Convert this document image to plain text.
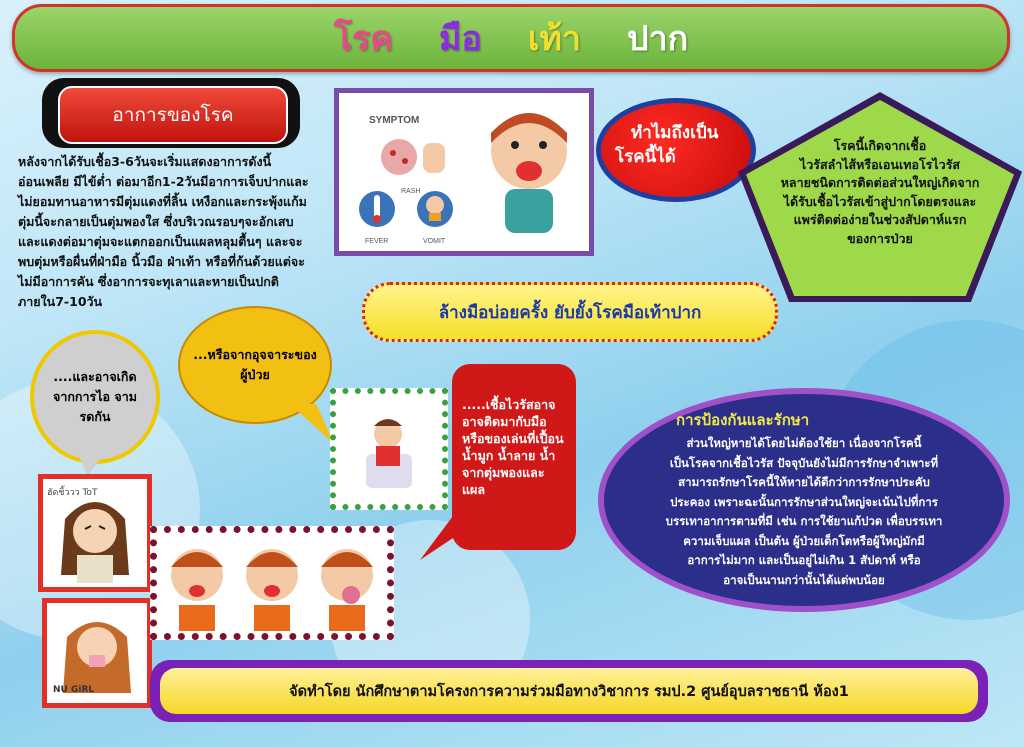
โรค มือ เท้า ปาก
อาการของโรค
หลังจากได้รับเชื้อ3-6วันจะเริ่มแสดงอาการดังนี้
อ่อนเพลีย มีไข้ต่ำ ต่อมาอีก1-2วันมีอาการเจ็บปากและ
ไม่ยอมทานอาหารมีตุ่มแดงที่ลิ้น เหงือกและกระพุ้งแก้ม
ตุ่มนี้จะกลายเป็นตุ่มพองใส ซึ่งบริเวณรอบๆจะอักเสบ
และแดงต่อมาตุ่มจะแตกออกเป็นแผลหลุมตื้นๆ และจะ
พบตุ่มหรือผื่นที่ฝ่ามือ นิ้วมือ ฝ่าเท้า หรือที่ก้นด้วยแต่จะ
ไม่มีอาการคัน ซึ่งอาการจะทุเลาและหายเป็นปกติ
ภายใน7-10วัน
SYMPTOM
RASH
FEVER	VOMIT
ทำไมถึงเป็น
โรคนี้ได้
โรคนี้เกิดจากเชื้อ
ไวรัสลำไส้หรือเอนเทอโรไวรัส
หลายชนิดการติดต่อส่วนใหญ่เกิดจาก
ได้รับเชื้อไวรัสเข้าสู่ปากโดยตรงและ
แพร่ติดต่อง่ายในช่วงสัปดาห์แรก
ของการป่วย
ล้างมือบ่อยครั้ง ยับยั้งโรคมือเท้าปาก
....และอาจเกิด
จากการไอ จาม
รดกัน
...หรือจากอุจจาระของ
ผู้ป่วย
.....เชื้อไวรัสอาจ
อาจติดมากับมือ
หรือของเล่นที่เปื้อน
น้ำมูก น้ำลาย น้ำ
จากตุ่มพองและ
แผล
การป้องกันและรักษา
ส่วนใหญ่หายได้โดยไม่ต้องใช้ยา เนื่องจากโรคนี้
เป็นโรคจากเชื้อไวรัส ปัจจุบันยังไม่มีการรักษาจำเพาะที่
สามารถรักษาโรคนี้ให้หายได้ดีกว่าการรักษาประคับ
ประคอง เพราะฉะนั้นการรักษาส่วนใหญ่จะเน้นไปที่การ
บรรเทาอาการตามที่มี เช่น การใช้ยาแก้ปวด เพื่อบรรเทา
ความเจ็บแผล เป็นต้น ผู้ป่วยเด็กโตหรือผู้ใหญ่มักมี
อาการไม่มาก และเป็นอยู่ไม่เกิน 1 สัปดาห์ หรือ
อาจเป็นนานกว่านั้นได้แต่พบน้อย
ฮัดชิ้ววว ToT
NU GiRL	จัดทำโดย นักศึกษาตามโครงการความร่วมมือทางวิชาการ รมป.2 ศูนย์อุบลราชธานี ห้อง1
